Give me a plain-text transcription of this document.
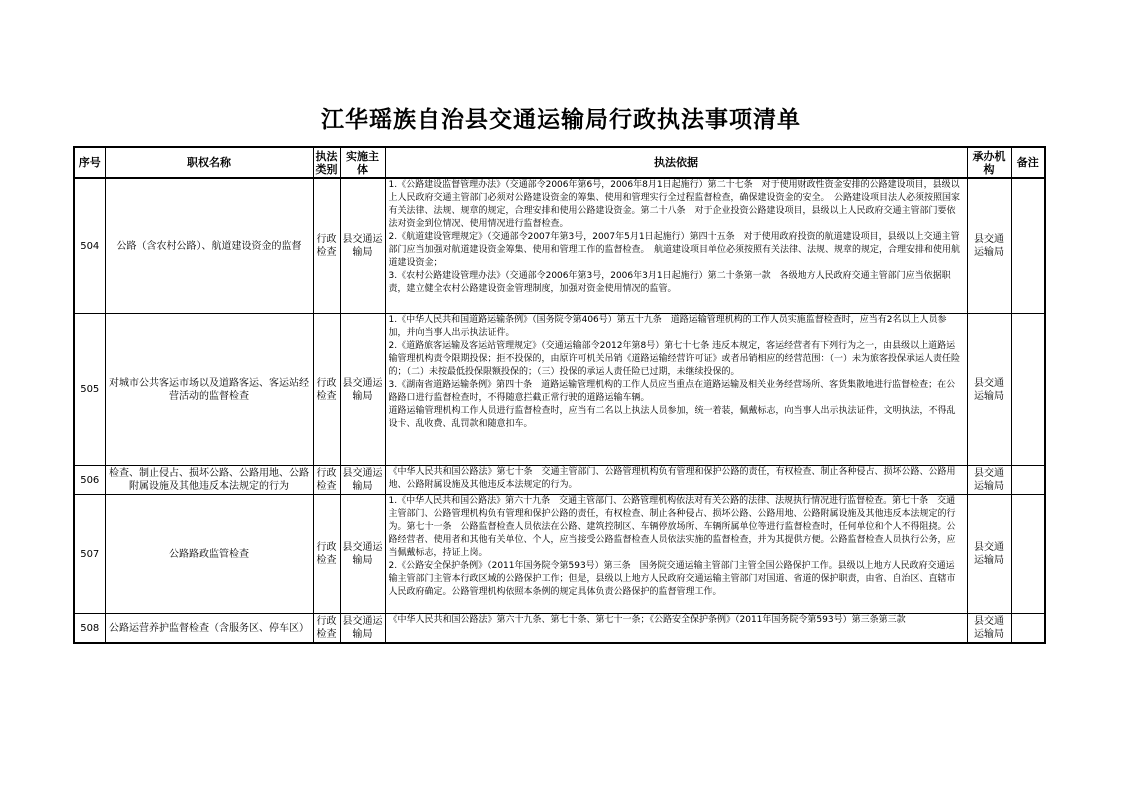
江华瑶族自治县交通运输局行政执法事项清单
序号	职权名称	执法类别	实施主体	执法依据	承办机构	备注
504	公路（含农村公路）、航道建设资金的监督	行政检查	县交通运输局	1.《公路建设监督管理办法》（交通部令2006年第6号，2006年8月1日起施行）第二十七条　对于使用财政性资金安排的公路建设项目，县级以上人民政府交通主管部门必须对公路建设资金的筹集、使用和管理实行全过程监督检查，确保建设资金的安全。　公路建设项目法人必须按照国家有关法律、法规、规章的规定，合理安排和使用公路建设资金。第二十八条　对于企业投资公路建设项目，县级以上人民政府交通主管部门要依法对资金到位情况、使用情况进行监督检查。

2.《航道建设管理规定》（交通部令2007年第3号，2007年5月1日起施行）第四十五条　对于使用政府投资的航道建设项目，县级以上交通主管部门应当加强对航道建设资金筹集、使用和管理工作的监督检查。　航道建设项目单位必须按照有关法律、法规、规章的规定，合理安排和使用航道建设资金；

3.《农村公路建设管理办法》（交通部令2006年第3号，2006年3月1日起施行）第二十条第一款　各级地方人民政府交通主管部门应当依据职责，建立健全农村公路建设资金管理制度，加强对资金使用情况的监管。	县交通运输局	
505	对城市公共客运市场以及道路客运、客运站经营活动的监督检查	行政检查	县交通运输局	1.《中华人民共和国道路运输条例》（国务院令第406号）第五十九条　道路运输管理机构的工作人员实施监督检查时，应当有2名以上人员参加，并向当事人出示执法证件。

2.《道路旅客运输及客运站管理规定》（交通运输部令2012年第8号）第七十七条 违反本规定，客运经营者有下列行为之一，由县级以上道路运输管理机构责令限期投保；拒不投保的，由原许可机关吊销《道路运输经营许可证》或者吊销相应的经营范围：（一）未为旅客投保承运人责任险的；（二）未按最低投保限额投保的；（三）投保的承运人责任险已过期，未继续投保的。

3.《湖南省道路运输条例》第四十条　道路运输管理机构的工作人员应当重点在道路运输及相关业务经营场所、客货集散地进行监督检查；在公路路口进行监督检查时，不得随意拦截正常行驶的道路运输车辆。

道路运输管理机构工作人员进行监督检查时，应当有二名以上执法人员参加，统一着装，佩戴标志，向当事人出示执法证件，文明执法，不得乱设卡、乱收费、乱罚款和随意扣车。	县交通运输局	
506	检查、制止侵占、损坏公路、公路用地、公路附属设施及其他违反本法规定的行为	行政检查	县交通运输局	《中华人民共和国公路法》第七十条　交通主管部门、公路管理机构负有管理和保护公路的责任，有权检查、制止各种侵占、损坏公路、公路用地、公路附属设施及其他违反本法规定的行为。	县交通运输局	
507	公路路政监管检查	行政检查	县交通运输局	1.《中华人民共和国公路法》第六十九条　交通主管部门、公路管理机构依法对有关公路的法律、法规执行情况进行监督检查。第七十条　交通主管部门、公路管理机构负有管理和保护公路的责任，有权检查、制止各种侵占、损坏公路、公路用地、公路附属设施及其他违反本法规定的行为。第七十一条　公路监督检查人员依法在公路、建筑控制区、车辆停放场所、车辆所属单位等进行监督检查时，任何单位和个人不得阻挠。公路经营者、使用者和其他有关单位、个人，应当接受公路监督检查人员依法实施的监督检查，并为其提供方便。公路监督检查人员执行公务，应当佩戴标志，持证上岗。

2.《公路安全保护条例》（2011年国务院令第593号）第三条　国务院交通运输主管部门主管全国公路保护工作。县级以上地方人民政府交通运输主管部门主管本行政区域的公路保护工作；但是，县级以上地方人民政府交通运输主管部门对国道、省道的保护职责，由省、自治区、直辖市人民政府确定。公路管理机构依照本条例的规定具体负责公路保护的监督管理工作。	县交通运输局	
508	公路运营养护监督检查（含服务区、停车区）	行政检查	县交通运输局	《中华人民共和国公路法》第六十九条、第七十条、第七十一条；《公路安全保护条例》（2011年国务院令第593号）第三条第三款	县交通运输局	
